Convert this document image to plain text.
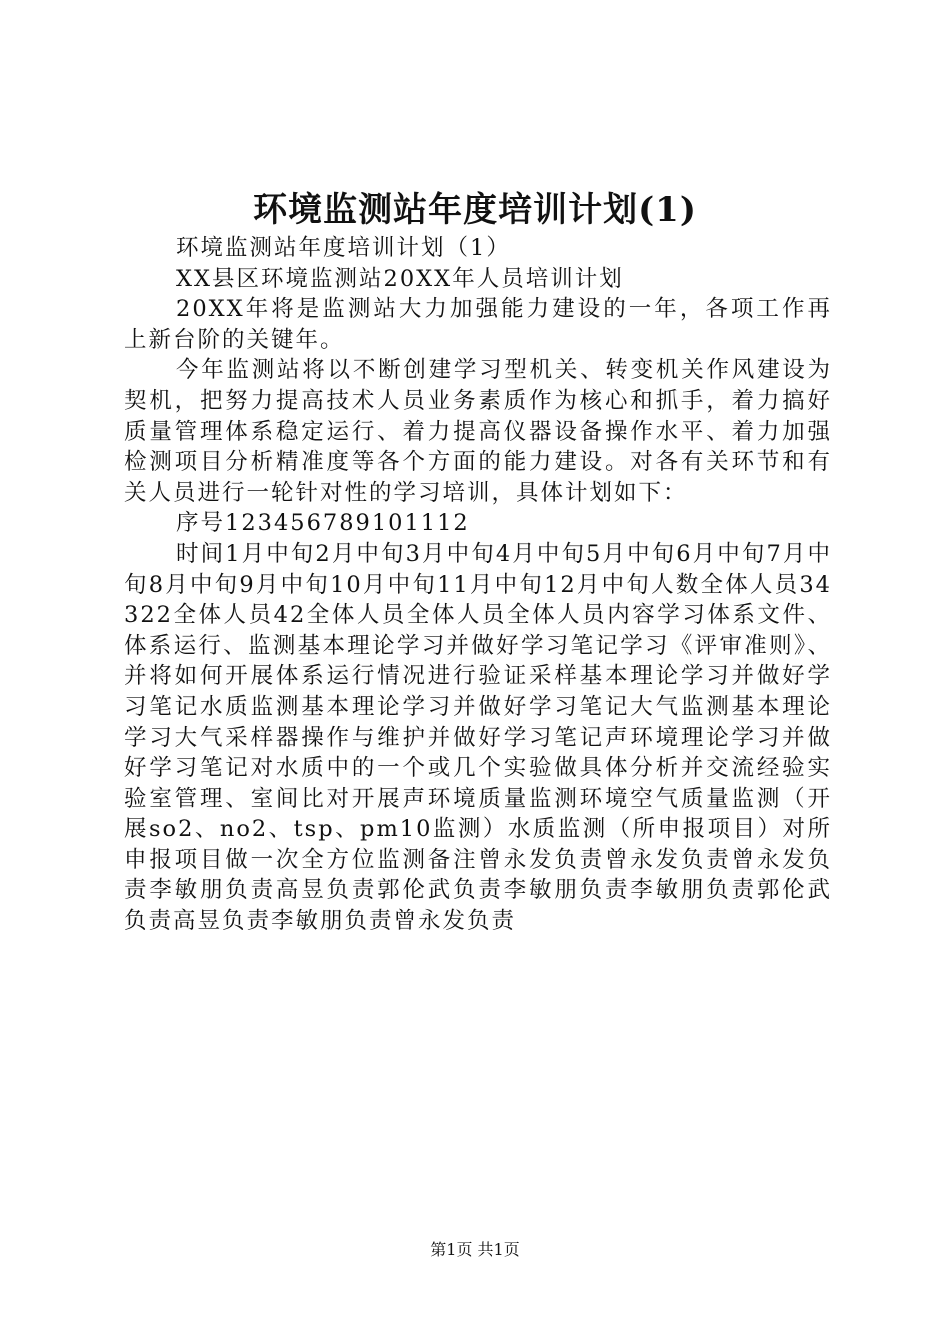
环境监测站年度培训计划(1)

环境监测站年度培训计划（1）

XX县区环境监测站20XX年人员培训计划

20XX年将是监测站大力加强能力建设的一年，各项工作再上新台阶的关键年。

今年监测站将以不断创建学习型机关、转变机关作风建设为契机，把努力提高技术人员业务素质作为核心和抓手，着力搞好质量管理体系稳定运行、着力提高仪器设备操作水平、着力加强检测项目分析精准度等各个方面的能力建设。对各有关环节和有关人员进行一轮针对性的学习培训，具体计划如下：

序号123456789101112

时间1月中旬2月中旬3月中旬4月中旬5月中旬6月中旬7月中旬8月中旬9月中旬10月中旬11月中旬12月中旬人数全体人员34322全体人员42全体人员全体人员全体人员内容学习体系文件、体系运行、监测基本理论学习并做好学习笔记学习《评审准则》、并将如何开展体系运行情况进行验证采样基本理论学习并做好学习笔记水质监测基本理论学习并做好学习笔记大气监测基本理论学习大气采样器操作与维护并做好学习笔记声环境理论学习并做好学习笔记对水质中的一个或几个实验做具体分析并交流经验实验室管理、室间比对开展声环境质量监测环境空气质量监测（开展so2、no2、tsp、pm10监测）水质监测（所申报项目）对所申报项目做一次全方位监测备注曾永发负责曾永发负责曾永发负责李敏朋负责高昱负责郭伦武负责李敏朋负责李敏朋负责郭伦武负责高昱负责李敏朋负责曾永发负责

第1页 共1页
